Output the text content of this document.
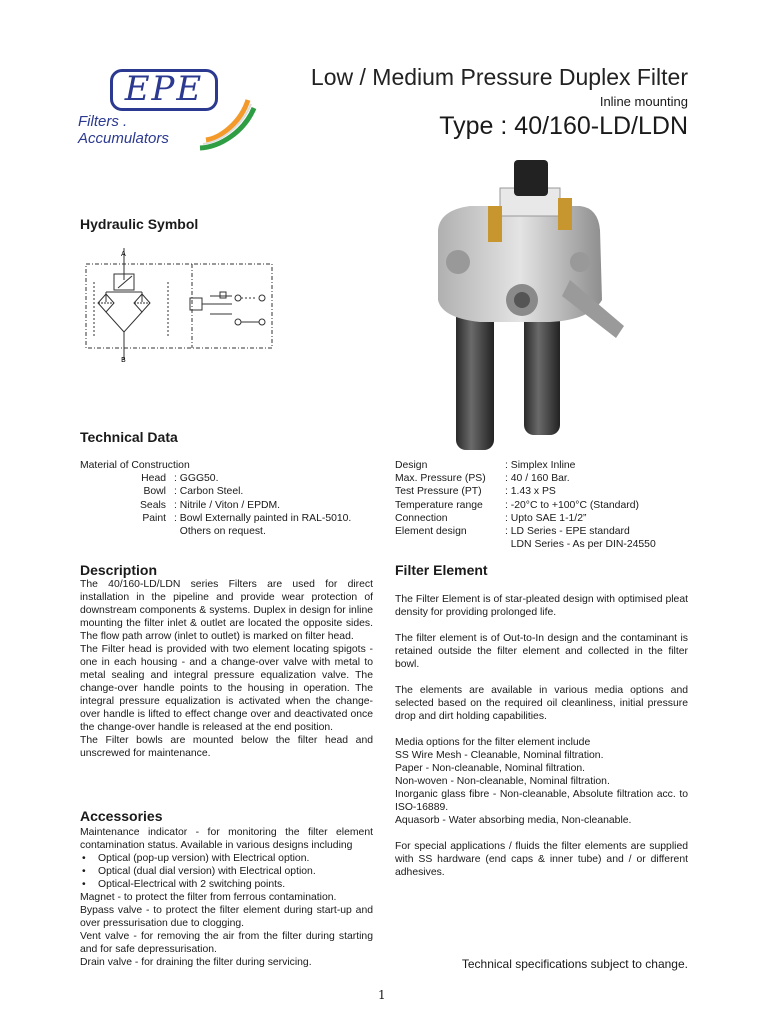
EPE
Filters . Accumulators
Low / Medium Pressure Duplex Filter
Inline mounting
Type : 40/160-LD/LDN
Hydraulic Symbol
A
B
Technical Data
Material of Construction
Head : GGG50.
Bowl : Carbon Steel.
Seals : Nitrile / Viton / EPDM.
Paint : Bowl Externally painted in RAL-5010.
Others on request.
Design	: Simplex Inline
Max. Pressure (PS)	: 40 / 160 Bar.
Test Pressure (PT)	: 1.43 x PS
Temperature range	: -20°C to +100°C (Standard)
Connection	: Upto SAE 1-1/2”
Element design	: LD Series - EPE standard
LDN Series - As per DIN-24550
Description

The 40/160-LD/LDN series Filters are used for direct installation in the pipeline and provide wear protection of downstream components & systems. Duplex in design for inline mounting the filter inlet & outlet are located the opposite sides. The flow path arrow (inlet to outlet) is marked on filter head.

The Filter head is provided with two element locating spigots - one in each housing - and a change-over valve with metal to metal sealing and integral pressure equalization valve. The change-over handle points to the housing in operation. The integral pressure equalization is activated when the change-over handle is lifted to effect change over and deactivated once the change-over handle is released at the end position.

The Filter bowls are mounted below the filter head and unscrewed for maintenance.

Accessories

Maintenance indicator - for monitoring the filter element contamination status. Available in various designs including

• Optical (pop-up version) with Electrical option.
• Optical (dual dial version) with Electrical option.
• Optical-Electrical with 2 switching points.

Magnet - to protect the filter from ferrous contamination.

Bypass valve - to protect the filter element during start-up and over pressurisation due to clogging.

Vent valve - for removing the air from the filter during starting and for safe depressurisation.

Drain valve - for draining the filter during servicing.

Filter Element

The Filter Element is of star-pleated design with optimised pleat density for providing prolonged life.

The filter element is of Out-to-In design and the contaminant is retained outside the filter element and collected in the filter bowl.

The elements are available in various media options and selected based on the required oil cleanliness, initial pressure drop and dirt holding capabilities.

Media options for the filter element include

SS Wire Mesh - Cleanable, Nominal filtration.

Paper - Non-cleanable, Nominal filtration.

Non-woven - Non-cleanable, Nominal filtration.

Inorganic glass fibre - Non-cleanable, Absolute filtration acc. to ISO-16889.

Aquasorb - Water absorbing media, Non-cleanable.

For special applications / fluids the filter elements are supplied with SS hardware (end caps & inner tube) and / or different adhesives.

Technical specifications subject to change.
1
